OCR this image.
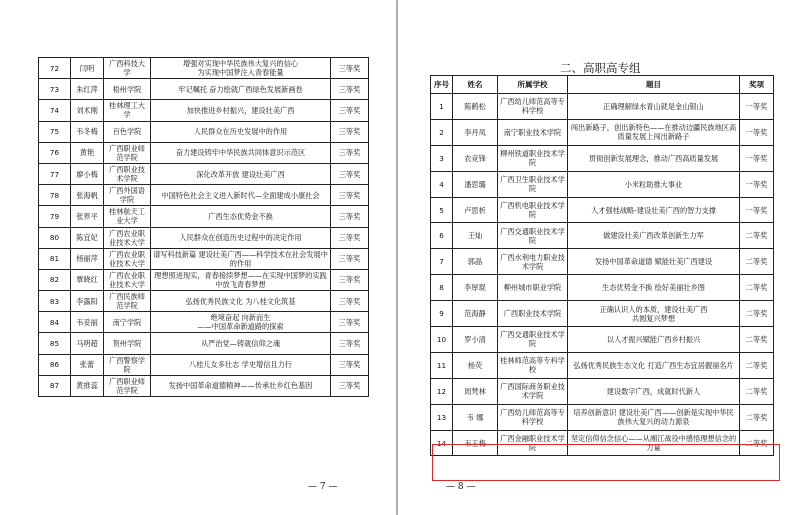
72	闫明	广西科技大学	增强对实现中华民族伟大复兴的信心
为实现中国梦注入青春能量	三等奖
73	朱红萍	梧州学院	牢记嘱托 奋力绘就广西绿色发展新画卷	三等奖
74	刘术刚	桂林理工大学	加快推进乡村振兴，建设壮美广西	三等奖
75	韦冬梅	百色学院	人民群众在历史发展中的作用	三等奖
76	黄艳	广西职业师范学院	奋力建设铸牢中华民族共同体意识示范区	三等奖
77	廖小梅	广西职业技术学院	深化改革开放 建设壮美广西	三等奖
78	张海帆	广西外国语学院	中国特色社会主义进入新时代—全面建成小康社会	三等奖
79	张界平	桂林航天工业大学	广西生态优势金不换	三等奖
80	陈宜妃	广西农业职业技术大学	人民群众在创造历史过程中的决定作用	三等奖
81	杨丽萍	广西农业职业技术大学	谱写科技新篇 建设壮美广西——科学技术在社会发展中的作用	三等奖
82	覃晓红	广西农业职业技术大学	理想照进现实，青春接续梦想——在实现中国梦的实践中放飞青春梦想	三等奖
83	李露阳	广西民族师范学院	弘扬优秀民族文化 为八桂文化筑基	三等奖
84	韦妥丽	南宁学院	绝境奋起 向新而生
——中国革命新道路的探索	三等奖
85	马明超	贺州学院	从严治党—铸就信仰之魂	三等奖
86	张蕾	广西警察学院	八桂儿女多壮志 学史增信且力行	三等奖
87	黄推蕊	广西职业师范学院	发扬中国革命道德精神——传承壮乡红色基因	三等奖
— 7 —
二、高职高专组
序号	姓名	所属学校	题目	奖项
1	陈鹤松	广西幼儿师范高等专科学校	正确理解绿水青山就是金山银山	一等奖
2	李丹凤	南宁职业技术学院	闯出新路子，创出新特色——在推动边疆民族地区高质量发展上闯出新路子	一等奖
3	农竞锋	柳州铁道职业技术学院	贯彻创新发展理念，推动广西高质量发展	一等奖
4	潘思璐	广西卫生职业技术学院	小米粒助推大事业	一等奖
5	卢思析	广西机电职业技术学院	人才强桂战略-建设壮美广西的智力支撑	一等奖
6	王灿	广西交通职业技术学院	做建设壮美广西改革创新生力军	二等奖
7	郭晶	广西水利电力职业技术学院	发扬中国革命道德 赋能壮美广西建设	二等奖
8	李厚琨	柳州城市职业学院	生态优势金不换 绘好美丽壮乡图	二等奖
9	范海静	广西职业技术学院	正确认识人的本质，建设壮美广西
共圆复兴梦想	二等奖
10	罗小清	广西交通职业技术学院	以人才振兴赋能广西乡村振兴	二等奖
11	杨荧	桂林师范高等专科学校	弘扬优秀民族生态文化 打造广西生态宜居靓丽名片	二等奖
12	周梵林	广西国际商务职业技术学院	建设数字广西，成就时代新人	二等奖
13	韦 娜	广西幼儿师范高等专科学校	培养创新意识 建设壮美广西——创新是实现中华民族伟大复兴的动力源泉	二等奖
14	韦玉梅	广西金融职业技术学院	坚定信仰信念信心——从湘江战役中感悟理想信念的力量	二等奖
— 8 —
